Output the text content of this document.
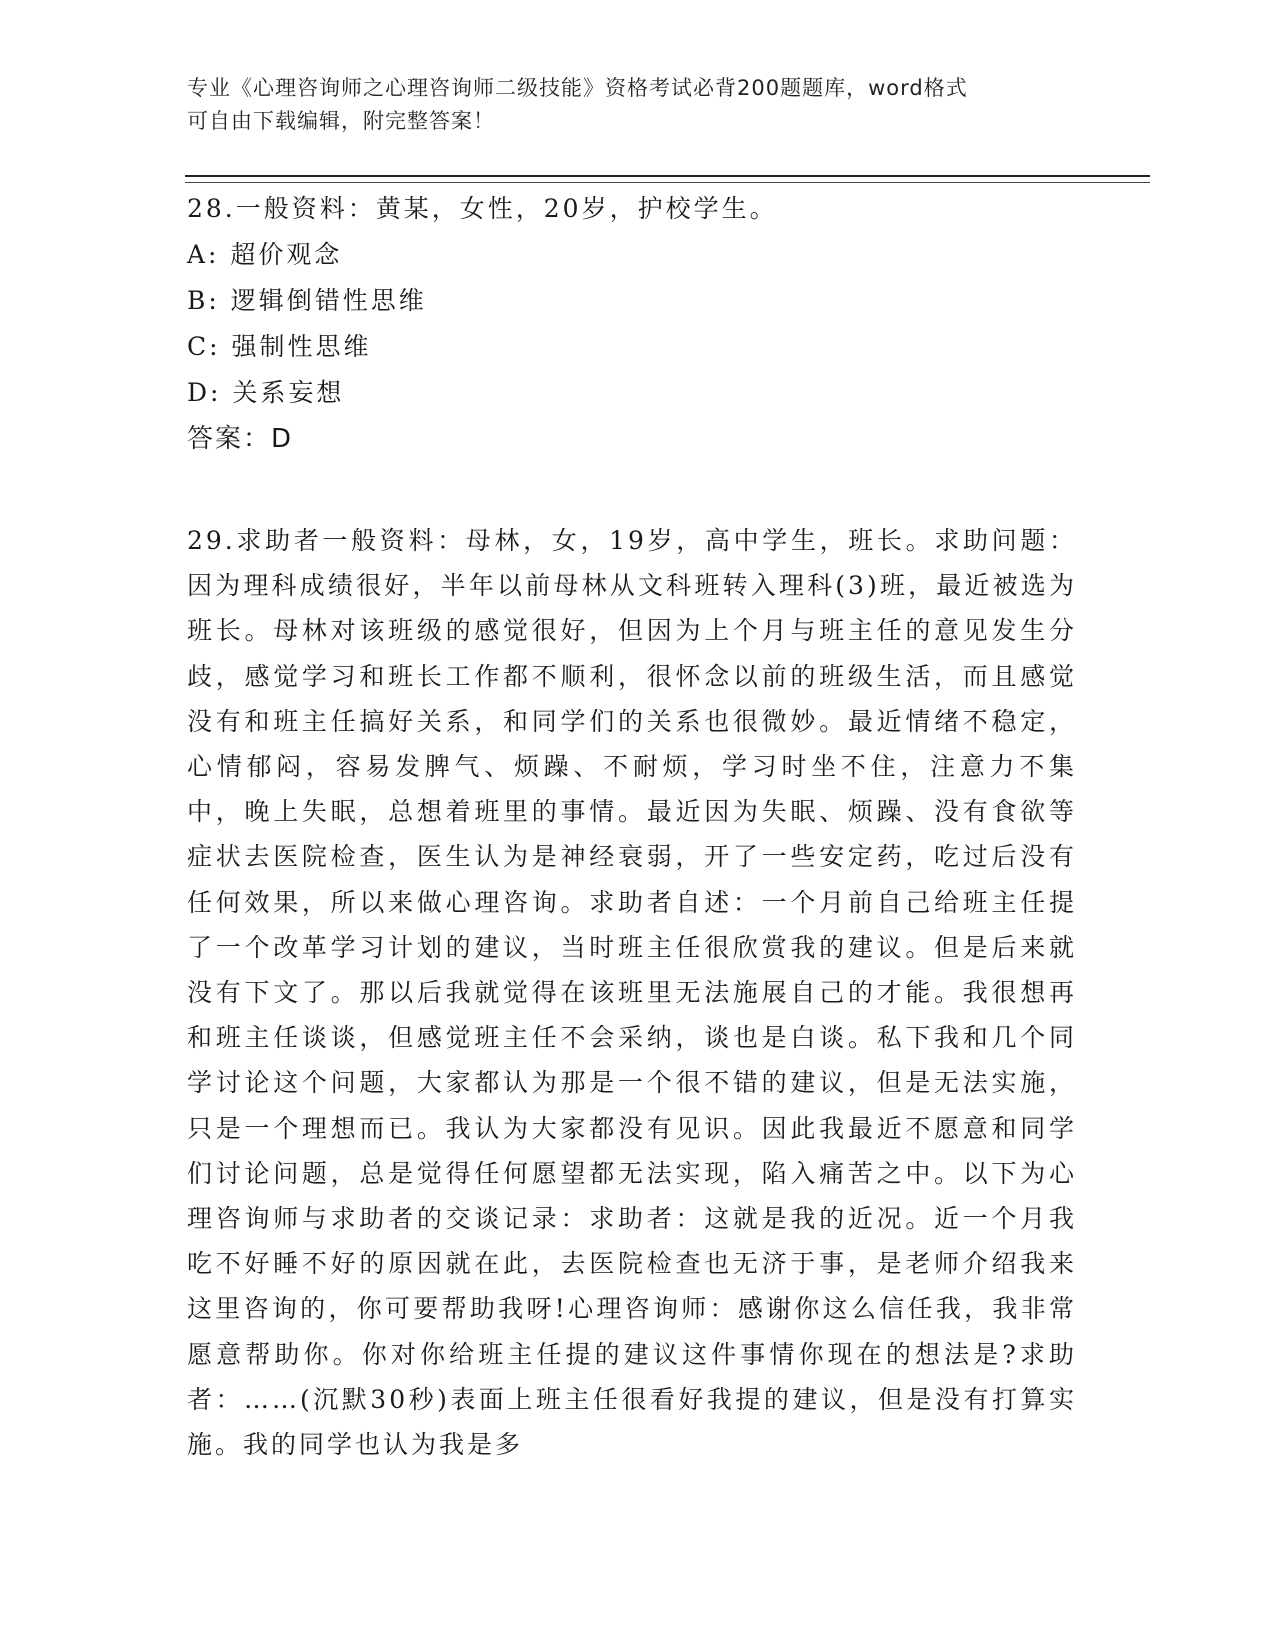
专业《心理咨询师之心理咨询师二级技能》资格考试必背200题题库，word格式
可自由下载编辑，附完整答案！
28.一般资料：黄某，女性，20岁，护校学生。
A: 超价观念
B: 逻辑倒错性思维
C: 强制性思维
D: 关系妄想
答案：D
29.求助者一般资料：母林，女，19岁，高中学生，班长。求助问题：因为理科成绩很好，半年以前母林从文科班转入理科(3)班，最近被选为班长。母林对该班级的感觉很好，但因为上个月与班主任的意见发生分歧，感觉学习和班长工作都不顺利，很怀念以前的班级生活，而且感觉没有和班主任搞好关系，和同学们的关系也很微妙。最近情绪不稳定，心情郁闷，容易发脾气、烦躁、不耐烦，学习时坐不住，注意力不集中，晚上失眠，总想着班里的事情。最近因为失眠、烦躁、没有食欲等症状去医院检查，医生认为是神经衰弱，开了一些安定药，吃过后没有任何效果，所以来做心理咨询。求助者自述：一个月前自己给班主任提了一个改革学习计划的建议，当时班主任很欣赏我的建议。但是后来就没有下文了。那以后我就觉得在该班里无法施展自己的才能。我很想再和班主任谈谈，但感觉班主任不会采纳，谈也是白谈。私下我和几个同学讨论这个问题，大家都认为那是一个很不错的建议，但是无法实施，只是一个理想而已。我认为大家都没有见识。因此我最近不愿意和同学们讨论问题，总是觉得任何愿望都无法实现，陷入痛苦之中。以下为心理咨询师与求助者的交谈记录：求助者：这就是我的近况。近一个月我吃不好睡不好的原因就在此，去医院检查也无济于事，是老师介绍我来这里咨询的，你可要帮助我呀!心理咨询师：感谢你这么信任我，我非常愿意帮助你。你对你给班主任提的建议这件事情你现在的想法是?求助者：……(沉默30秒)表面上班主任很看好我提的建议，但是没有打算实施。我的同学也认为我是多
